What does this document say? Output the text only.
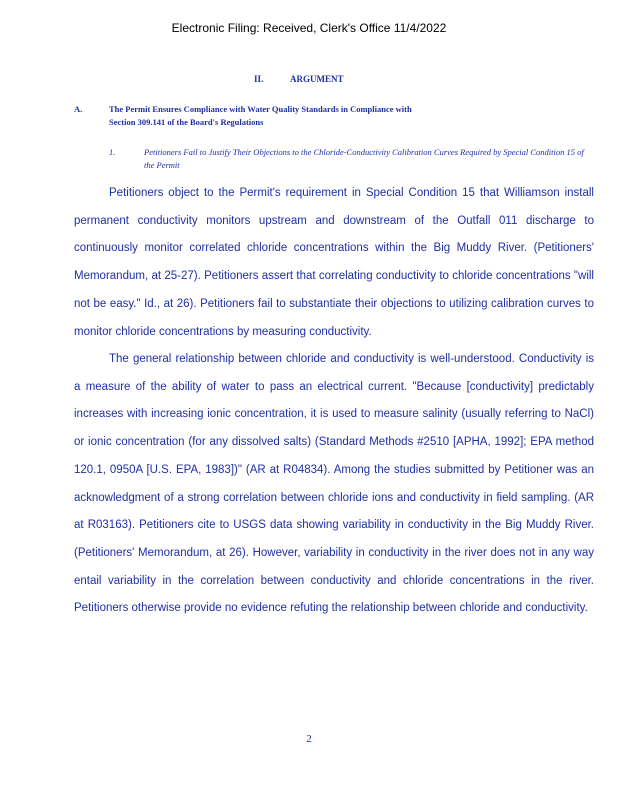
Electronic Filing: Received, Clerk's Office 11/4/2022
II.	ARGUMENT
A.	The Permit Ensures Compliance with Water Quality Standards in Compliance with Section 309.141 of the Board's Regulations
1.	Petitioners Fail to Justify Their Objections to the Chloride-Conductivity Calibration Curves Required by Special Condition 15 of the Permit

Petitioners object to the Permit's requirement in Special Condition 15 that Williamson install permanent conductivity monitors upstream and downstream of the Outfall 011 discharge to continuously monitor correlated chloride concentrations within the Big Muddy River. (Petitioners' Memorandum, at 25-27). Petitioners assert that correlating conductivity to chloride concentrations "will not be easy." Id., at 26). Petitioners fail to substantiate their objections to utilizing calibration curves to monitor chloride concentrations by measuring conductivity.

The general relationship between chloride and conductivity is well-understood. Conductivity is a measure of the ability of water to pass an electrical current. "Because [conductivity] predictably increases with increasing ionic concentration, it is used to measure salinity (usually referring to NaCl) or ionic concentration (for any dissolved salts) (Standard Methods #2510 [APHA, 1992]; EPA method 120.1, 0950A [U.S. EPA, 1983])" (AR at R04834). Among the studies submitted by Petitioner was an acknowledgment of a strong correlation between chloride ions and conductivity in field sampling. (AR at R03163). Petitioners cite to USGS data showing variability in conductivity in the Big Muddy River. (Petitioners' Memorandum, at 26). However, variability in conductivity in the river does not in any way entail variability in the correlation between conductivity and chloride concentrations in the river. Petitioners otherwise provide no evidence refuting the relationship between chloride and conductivity.

2
